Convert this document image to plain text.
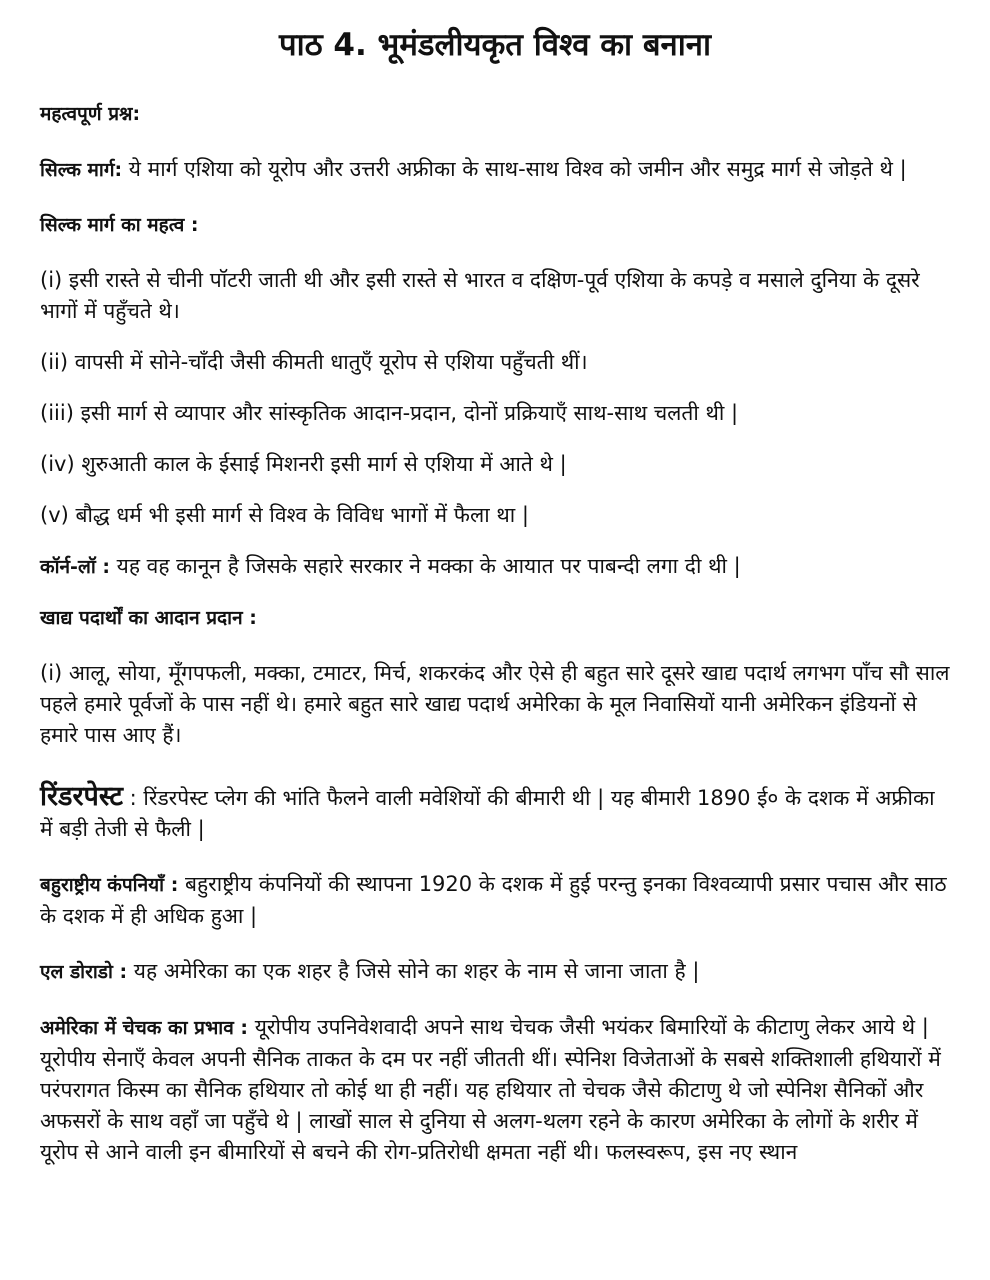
पाठ 4. भूमंडलीयकृत विश्व का बनाना

महत्वपूर्ण प्रश्न:

सिल्क मार्ग: ये मार्ग एशिया को यूरोप और उत्तरी अफ्रीका के साथ-साथ विश्व को जमीन और समुद्र मार्ग से जोड़ते थे |

सिल्क मार्ग का महत्व :

(i) इसी रास्ते से चीनी पॉटरी जाती थी और इसी रास्ते से भारत व दक्षिण-पूर्व एशिया के कपड़े व मसाले दुनिया के दूसरे भागों में पहुँचते थे।

(ii) वापसी में सोने-चाँदी जैसी कीमती धातुएँ यूरोप से एशिया पहुँचती थीं।

(iii) इसी मार्ग से व्यापार और सांस्कृतिक आदान-प्रदान, दोनों प्रक्रियाएँ साथ-साथ चलती थी |

(iv) शुरुआती काल के ईसाई मिशनरी इसी मार्ग से एशिया में आते थे |

(v) बौद्ध धर्म भी इसी मार्ग से विश्व के विविध भागों में फैला था |

कॉर्न-लॉ : यह वह कानून है जिसके सहारे सरकार ने मक्का के आयात पर पाबन्दी लगा दी थी |

खाद्य पदार्थों का आदान प्रदान :

(i) आलू, सोया, मूँगपफली, मक्का, टमाटर, मिर्च, शकरकंद और ऐसे ही बहुत सारे दूसरे खाद्य पदार्थ लगभग पाँच सौ साल पहले हमारे पूर्वजों के पास नहीं थे। हमारे बहुत सारे खाद्य पदार्थ अमेरिका के मूल निवासियों यानी अमेरिकन इंडियनों से हमारे पास आए हैं।

रिंडरपेस्ट : रिंडरपेस्ट प्लेग की भांति फैलने वाली मवेशियों की बीमारी थी | यह बीमारी 1890 ई० के दशक में अफ्रीका में बड़ी तेजी से फैली |

बहुराष्ट्रीय कंपनियाँ : बहुराष्ट्रीय कंपनियों की स्थापना 1920 के दशक में हुई परन्तु इनका विश्वव्यापी प्रसार पचास और साठ के दशक में ही अधिक हुआ |

एल डोराडो : यह अमेरिका का एक शहर है जिसे सोने का शहर के नाम से जाना जाता है |

अमेरिका में चेचक का प्रभाव : यूरोपीय उपनिवेशवादी अपने साथ चेचक जैसी भयंकर बिमारियों के कीटाणु लेकर आये थे | यूरोपीय सेनाएँ केवल अपनी सैनिक ताकत के दम पर नहीं जीतती थीं। स्पेनिश विजेताओं के सबसे शक्तिशाली हथियारों में परंपरागत किस्म का सैनिक हथियार तो कोई था ही नहीं। यह हथियार तो चेचक जैसे कीटाणु थे जो स्पेनिश सैनिकों और अफसरों के साथ वहाँ जा पहुँचे थे | लाखों साल से दुनिया से अलग-थलग रहने के कारण अमेरिका के लोगों के शरीर में यूरोप से आने वाली इन बीमारियों से बचने की रोग-प्रतिरोधी क्षमता नहीं थी। फलस्वरूप, इस नए स्थान
